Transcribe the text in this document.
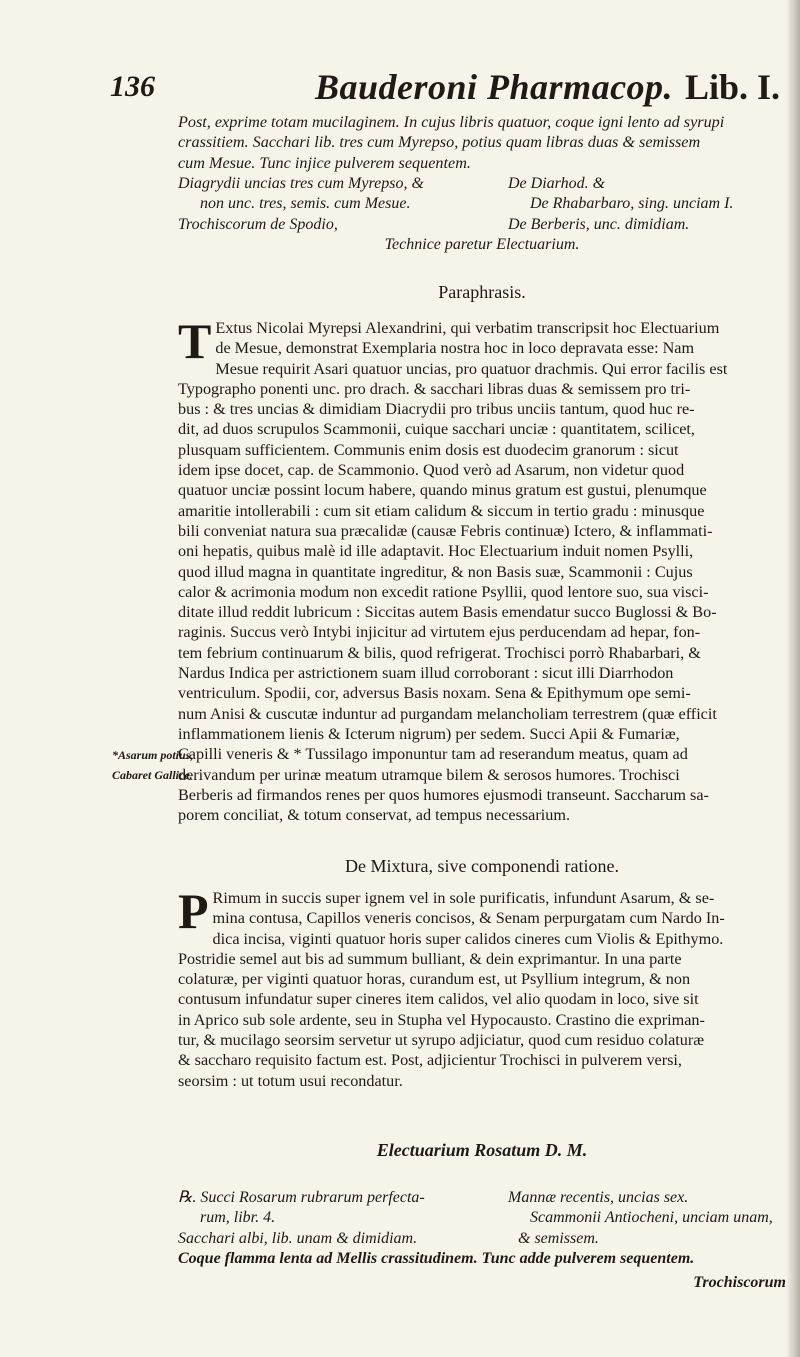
136	Bauderoni Pharmacop. Lib. I.
Post, exprime totam mucilaginem. In cujus libris quatuor, coque igni lento ad syrupi
crassitiem. Sacchari lib. tres cum Myrepso, potius quam libras duas & semissem
cum Mesue. Tunc injice pulverem sequentem.
Diagrydii uncias tres cum Myrepso, &	De Diarhod. &
non unc. tres, semis. cum Mesue.	De Rhabarbaro, sing. unciam I.
Trochiscorum de Spodio,	De Berberis, unc. dimidiam.
Technice paretur Electuarium.
Paraphrasis.
T Extus Nicolai Myrepsi Alexandrini, qui verbatim transcripsit hoc Electuarium
de Mesue, demonstrat Exemplaria nostra hoc in loco depravata esse: Nam
Mesue requirit Asari quatuor uncias, pro quatuor drachmis. Qui error facilis est
Typographo ponenti unc. pro drach. & sacchari libras duas & semissem pro tri-
bus : & tres uncias & dimidiam Diacrydii pro tribus unciis tantum, quod huc re-
dit, ad duos scrupulos Scammonii, cuique sacchari unciæ : quantitatem, scilicet,
plusquam sufficientem. Communis enim dosis est duodecim granorum : sicut
idem ipse docet, cap. de Scammonio. Quod verò ad Asarum, non videtur quod
quatuor unciæ possint locum habere, quando minus gratum est gustui, plenumque
amaritie intollerabili : cum sit etiam calidum & siccum in tertio gradu : minusque
bili conveniat natura sua præcalidæ (causæ Febris continuæ) Ictero, & inflammati-
oni hepatis, quibus malè id ille adaptavit. Hoc Electuarium induit nomen Psylli,
quod illud magna in quantitate ingreditur, & non Basis suæ, Scammonii : Cujus
calor & acrimonia modum non excedit ratione Psyllii, quod lentore suo, sua visci-
ditate illud reddit lubricum : Siccitas autem Basis emendatur succo Buglossi & Bo-
raginis. Succus verò Intybi injicitur ad virtutem ejus perducendam ad hepar, fon-
tem febrium continuarum & bilis, quod refrigerat. Trochisci porrò Rhabarbari, &
Nardus Indica per astrictionem suam illud corroborant : sicut illi Diarrhodon
ventriculum. Spodii, cor, adversus Basis noxam. Sena & Epithymum ope semi-
num Anisi & cuscutæ induntur ad purgandam melancholiam terrestrem (quæ efficit
inflammationem lienis & Icterum nigrum) per sedem. Succi Apii & Fumariæ,
Capilli veneris & * Tussilago imponuntur tam ad reserandum meatus, quam ad
derivandum per urinæ meatum utramque bilem & serosos humores. Trochisci
Berberis ad firmandos renes per quos humores ejusmodi transeunt. Saccharum sa-
porem conciliat, & totum conservat, ad tempus necessarium.
*Asarum potius,
Cabaret Gallice.
De Mixtura, sive componendi ratione.
P Rimum in succis super ignem vel in sole purificatis, infundunt Asarum, & se-
mina contusa, Capillos veneris concisos, & Senam perpurgatam cum Nardo In-
dica incisa, viginti quatuor horis super calidos cineres cum Violis & Epithymo.
Postridie semel aut bis ad summum bulliant, & dein exprimantur. In una parte
colaturæ, per viginti quatuor horas, curandum est, ut Psyllium integrum, & non
contusum infundatur super cineres item calidos, vel alio quodam in loco, sive sit
in Aprico sub sole ardente, seu in Stupha vel Hypocausto. Crastino die expriman-
tur, & mucilago seorsim servetur ut syrupo adjiciatur, quod cum residuo colaturæ
& saccharo requisito factum est. Post, adjicientur Trochisci in pulverem versi,
seorsim : ut totum usui recondatur.
Electuarium Rosatum D. M.
℞. Succi Rosarum rubrarum perfecta-	Mannæ recentis, uncias sex.
rum, libr. 4.	Scammonii Antiocheni, unciam unam,
Sacchari albi, lib. unam & dimidiam.	& semissem.
Coque flamma lenta ad Mellis crassitudinem. Tunc adde pulverem sequentem.
Trochiscorum
